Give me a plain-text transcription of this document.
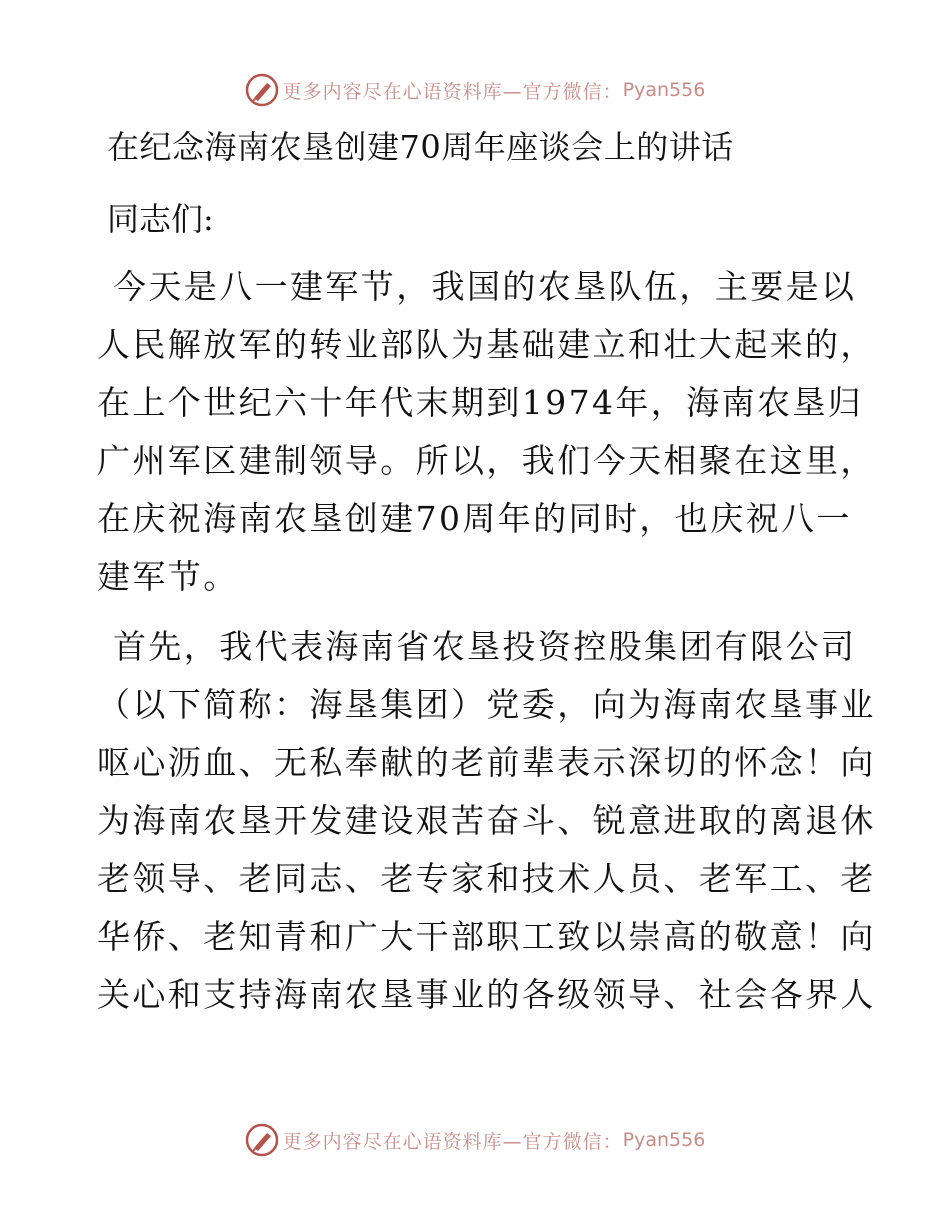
更多内容尽在心语资料库—官方微信： Pyan556
在纪念海南农垦创建70周年座谈会上的讲话

同志们:

今天是八一建军节，我国的农垦队伍，主要是以
人民解放军的转业部队为基础建立和壮大起来的，
在上个世纪六十年代末期到1974年，海南农垦归
广州军区建制领导。所以，我们今天相聚在这里，
在庆祝海南农垦创建70周年的同时，也庆祝八一
建军节。

首先，我代表海南省农垦投资控股集团有限公司
（以下简称：海垦集团）党委，向为海南农垦事业
呕心沥血、无私奉献的老前辈表示深切的怀念！向
为海南农垦开发建设艰苦奋斗、锐意进取的离退休
老领导、老同志、老专家和技术人员、老军工、老
华侨、老知青和广大干部职工致以崇高的敬意！向
关心和支持海南农垦事业的各级领导、社会各界人

更多内容尽在心语资料库—官方微信： Pyan556
